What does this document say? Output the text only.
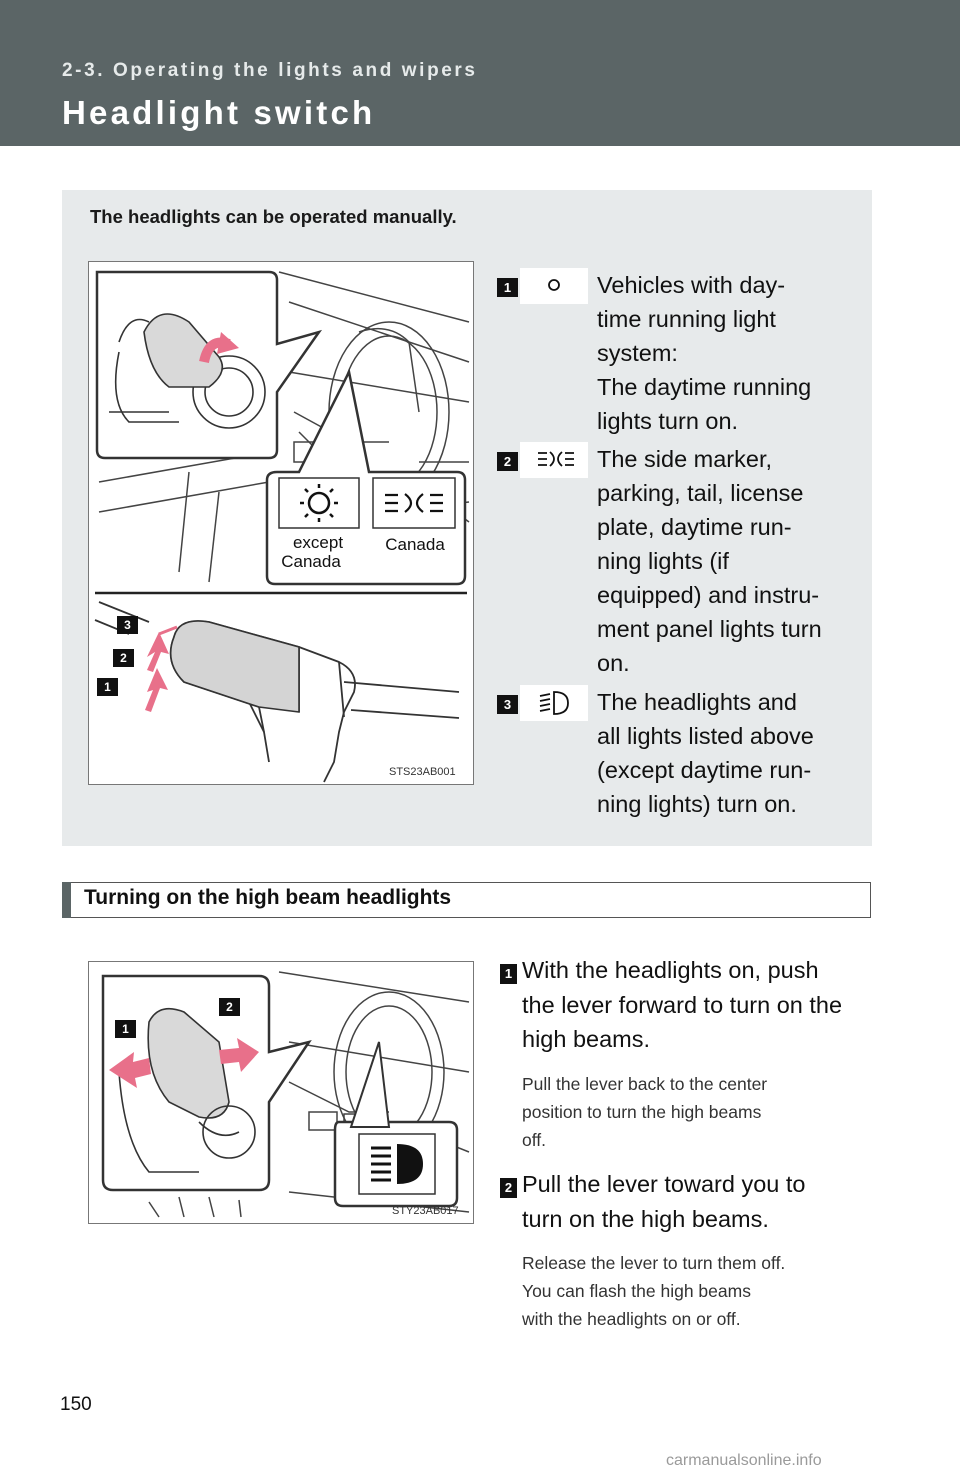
2-3. Operating the lights and wipers
Headlight switch
The headlights can be operated manually.
except
Canada
Canada
3
2
1
STS23AB001
1	Vehicles with day-
time running light
system:
The daytime running
lights turn on.
2	The side marker,
parking, tail, license
plate, daytime run-
ning lights (if
equipped) and instru-
ment panel lights turn
on.
3	The headlights and
all lights listed above
(except daytime run-
ning lights) turn on.
Turning on the high beam headlights
1
2
STY23AB017
1 With the headlights on, push
the lever forward to turn on the
high beams.
Pull the lever back to the center
position to turn the high beams
off.
2 Pull the lever toward you to
turn on the high beams.
Release the lever to turn them off.
You can flash the high beams
with the headlights on or off.
150
carmanualsonline.info
